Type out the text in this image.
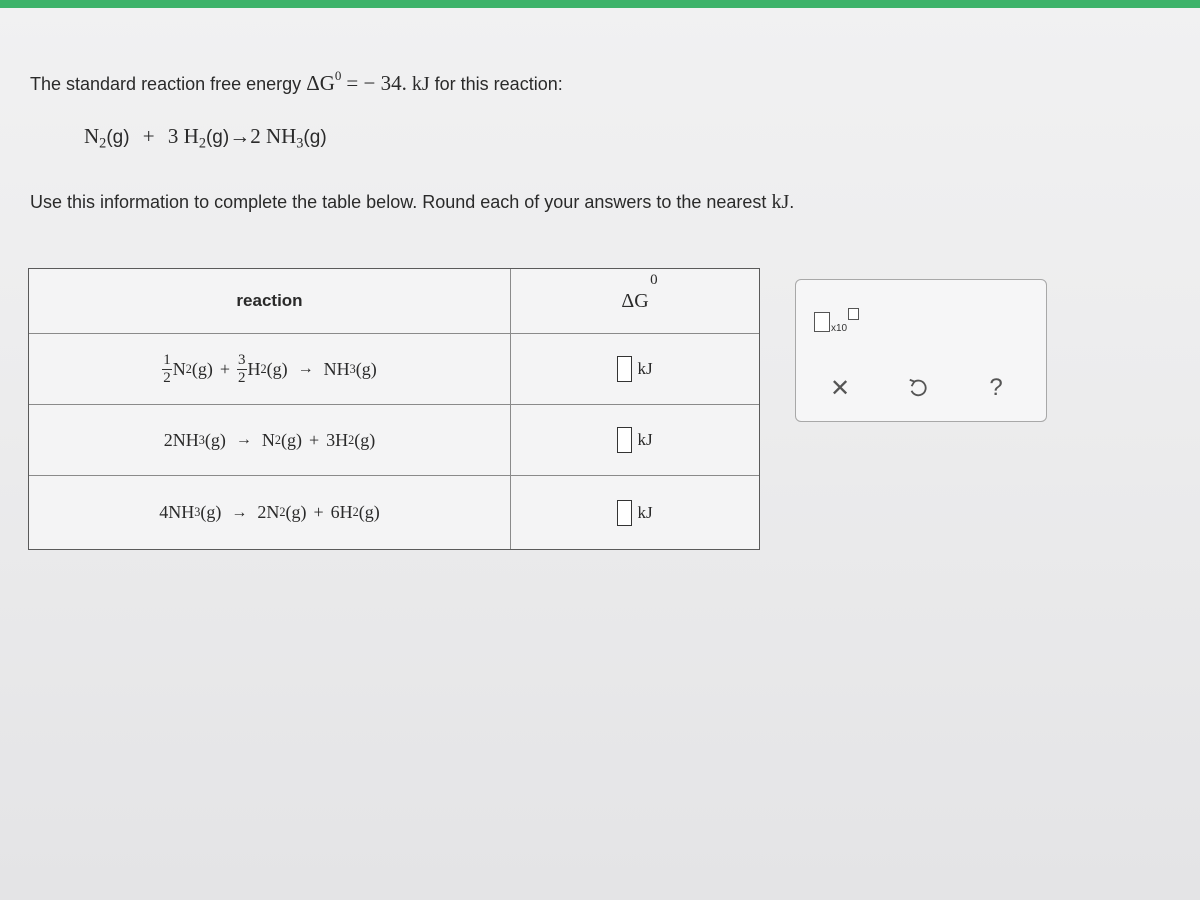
The standard reaction free energy $\Delta G^0$ = − 34. kJ for this reaction:
$N_2(g) + 3$ $H_2(g)\to 2$ $NH_3(g)$
Use this information to complete the table below. Round each of your answers to the nearest kJ.
reaction	ΔG
0
$\frac{1}{2}$ N 2 $(g) + \frac{3}{2}$ H 2 (g) → NH 3 (g)	kJ
2 NH 3 (g) → N 2 (g) + 3 H 2 (g)	kJ
4 NH 3 (g) → 2 N 2 (g) + 6 H 2 (g)	kJ
x10
✕	?
